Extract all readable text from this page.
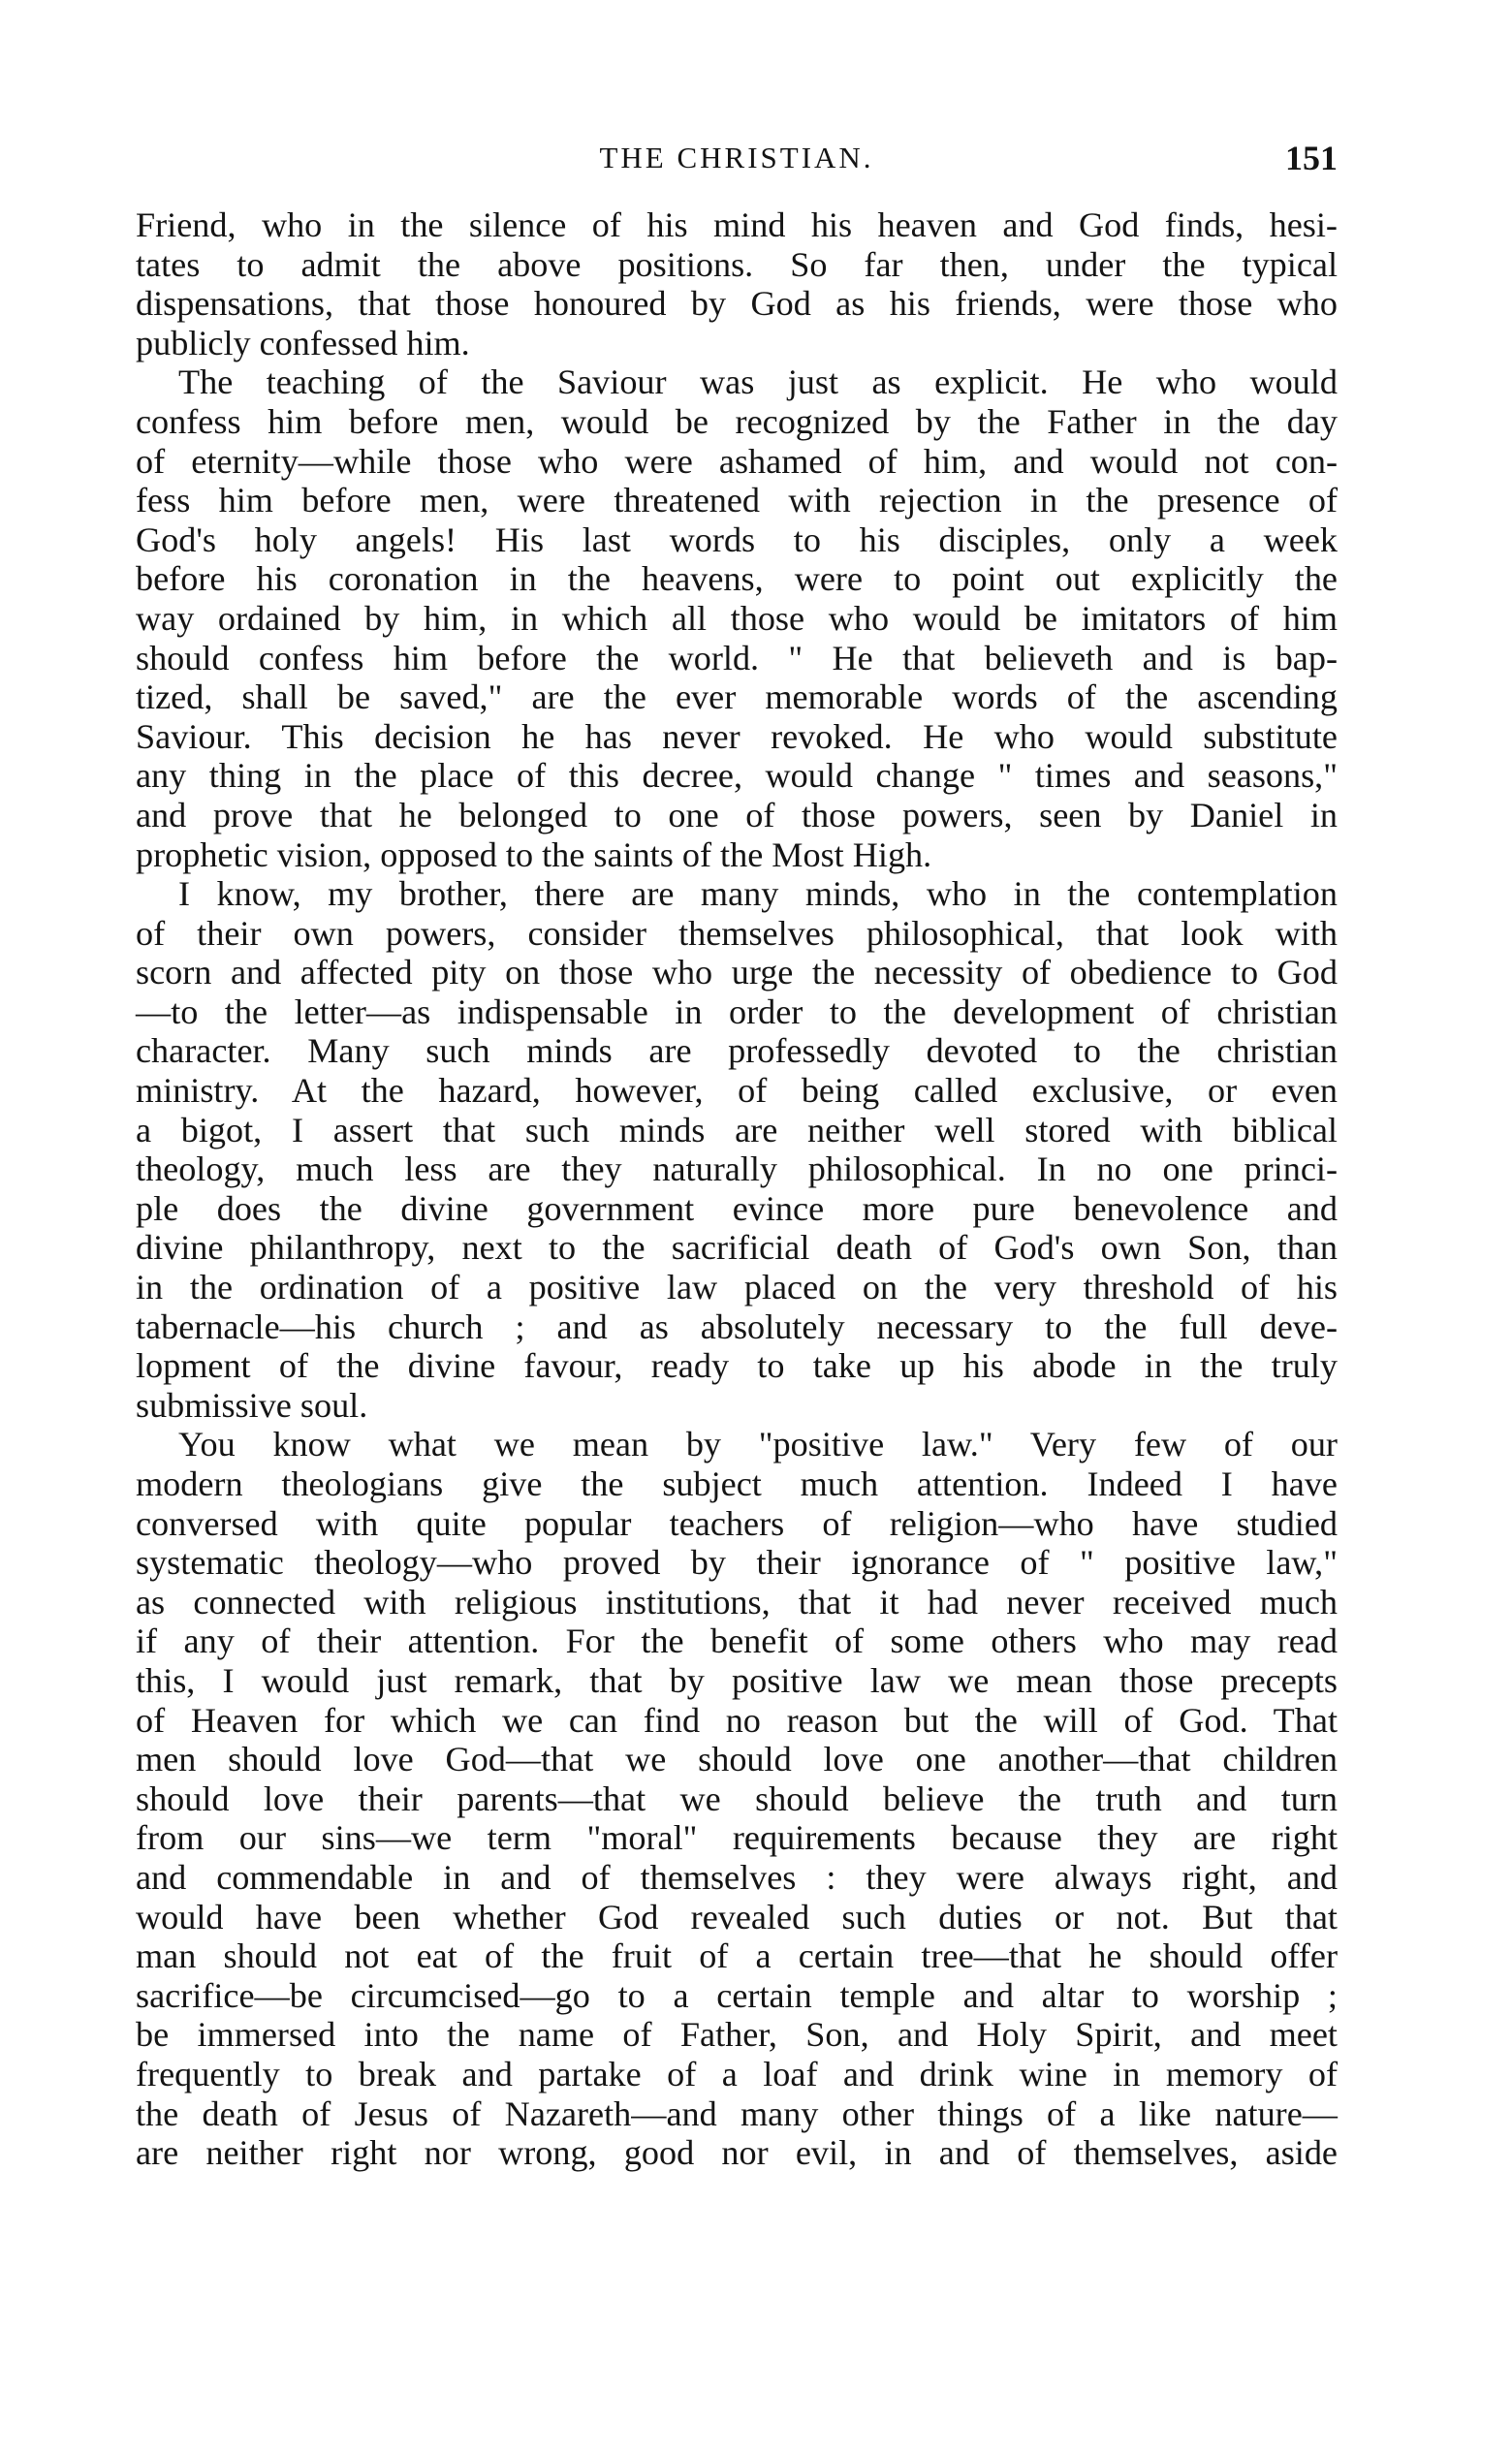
THE CHRISTIAN.	151
Friend, who in the silence of his mind his heaven and God finds, hesi-
tates to admit the above positions. So far then, under the typical
dispensations, that those honoured by God as his friends, were those who
publicly confessed him.
The teaching of the Saviour was just as explicit. He who would
confess him before men, would be recognized by the Father in the day
of eternity—while those who were ashamed of him, and would not con-
fess him before men, were threatened with rejection in the presence of
God's holy angels! His last words to his disciples, only a week
before his coronation in the heavens, were to point out explicitly the
way ordained by him, in which all those who would be imitators of him
should confess him before the world. " He that believeth and is bap-
tized, shall be saved," are the ever memorable words of the ascending
Saviour. This decision he has never revoked. He who would substitute
any thing in the place of this decree, would change " times and seasons,"
and prove that he belonged to one of those powers, seen by Daniel in
prophetic vision, opposed to the saints of the Most High.
I know, my brother, there are many minds, who in the contemplation
of their own powers, consider themselves philosophical, that look with
scorn and affected pity on those who urge the necessity of obedience to God
—to the letter—as indispensable in order to the development of christian
character. Many such minds are professedly devoted to the christian
ministry. At the hazard, however, of being called exclusive, or even
a bigot, I assert that such minds are neither well stored with biblical
theology, much less are they naturally philosophical. In no one princi-
ple does the divine government evince more pure benevolence and
divine philanthropy, next to the sacrificial death of God's own Son, than
in the ordination of a positive law placed on the very threshold of his
tabernacle—his church ; and as absolutely necessary to the full deve-
lopment of the divine favour, ready to take up his abode in the truly
submissive soul.
You know what we mean by "positive law." Very few of our
modern theologians give the subject much attention. Indeed I have
conversed with quite popular teachers of religion—who have studied
systematic theology—who proved by their ignorance of " positive law,"
as connected with religious institutions, that it had never received much
if any of their attention. For the benefit of some others who may read
this, I would just remark, that by positive law we mean those precepts
of Heaven for which we can find no reason but the will of God. That
men should love God—that we should love one another—that children
should love their parents—that we should believe the truth and turn
from our sins—we term "moral" requirements because they are right
and commendable in and of themselves : they were always right, and
would have been whether God revealed such duties or not. But that
man should not eat of the fruit of a certain tree—that he should offer
sacrifice—be circumcised—go to a certain temple and altar to worship ;
be immersed into the name of Father, Son, and Holy Spirit, and meet
frequently to break and partake of a loaf and drink wine in memory of
the death of Jesus of Nazareth—and many other things of a like nature—
are neither right nor wrong, good nor evil, in and of themselves, aside
